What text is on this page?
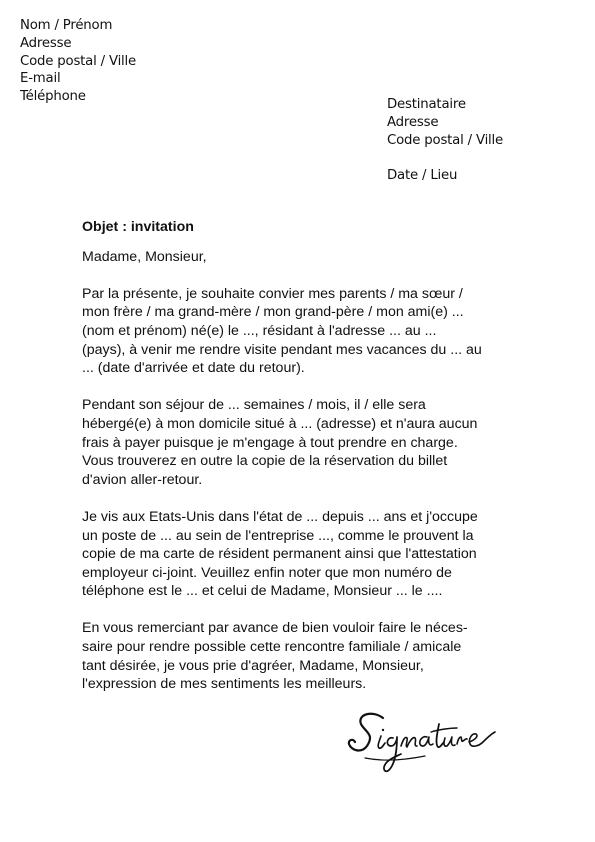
Nom / Prénom
Adresse
Code postal / Ville
E-mail
Téléphone
Destinataire
Adresse
Code postal / Ville
Date / Lieu
Objet : invitation
Madame, Monsieur,
Par la présente, je souhaite convier mes parents / ma sœur /
mon frère / ma grand-mère / mon grand-père / mon ami(e) ...
(nom et prénom) né(e) le ..., résidant à l'adresse ... au ...
(pays), à venir me rendre visite pendant mes vacances du ... au
... (date d'arrivée et date du retour).
Pendant son séjour de ... semaines / mois, il / elle sera
hébergé(e) à mon domicile situé à ... (adresse) et n'aura aucun
frais à payer puisque je m'engage à tout prendre en charge.
Vous trouverez en outre la copie de la réservation du billet
d'avion aller-retour.
Je vis aux Etats-Unis dans l'état de ... depuis ... ans et j'occupe
un poste de ... au sein de l'entreprise ..., comme le prouvent la
copie de ma carte de résident permanent ainsi que l'attestation
employeur ci-joint. Veuillez enfin noter que mon numéro de
téléphone est le ... et celui de Madame, Monsieur ... le ....
En vous remerciant par avance de bien vouloir faire le néces-
saire pour rendre possible cette rencontre familiale / amicale
tant désirée, je vous prie d'agréer, Madame, Monsieur,
l'expression de mes sentiments les meilleurs.
